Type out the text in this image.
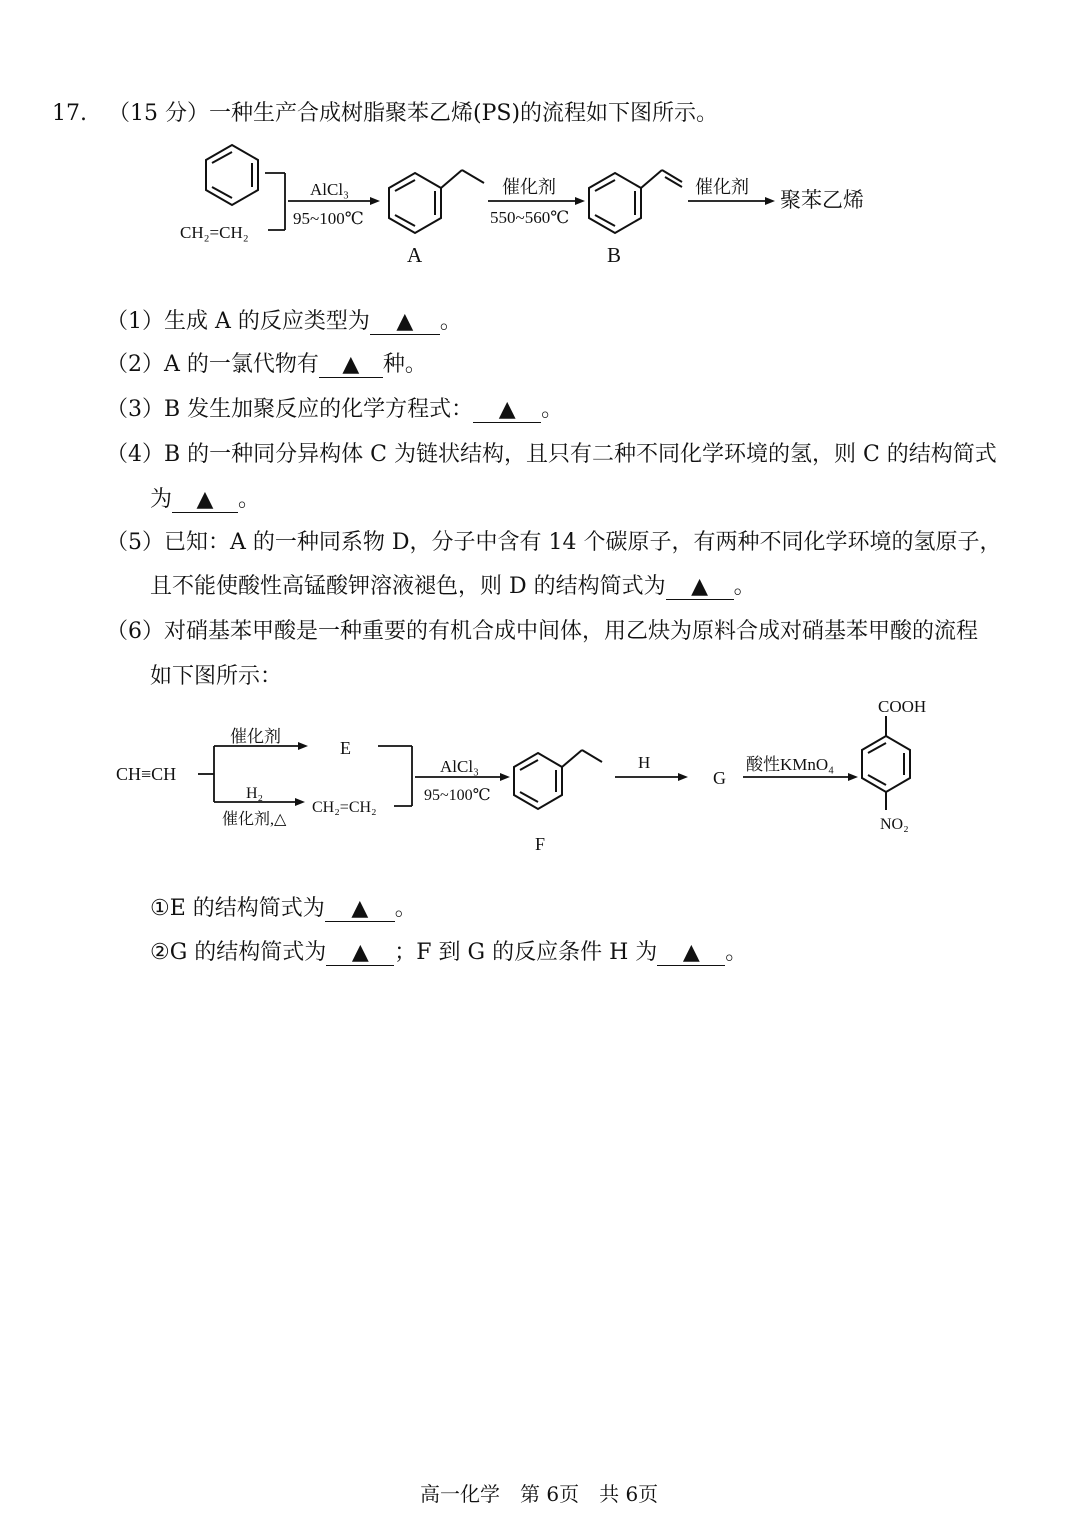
17. （15 分）一种生产合成树脂聚苯乙烯(PS)的流程如下图所示。
CH₂=CH₂
AlCl₃
95~100℃
A
催化剂
550~560℃
B
催化剂
聚苯乙烯
（1）生成 A 的反应类型为 ▲ 。
（2）A 的一氯代物有 ▲ 种。
（3）B 发生加聚反应的化学方程式： ▲ 。
（4）B 的一种同分异构体 C 为链状结构，且只有二种不同化学环境的氢，则 C 的结构简式
为 ▲ 。
（5）已知：A 的一种同系物 D，分子中含有 14 个碳原子，有两种不同化学环境的氢原子，
且不能使酸性高锰酸钾溶液褪色，则 D 的结构简式为 ▲ 。
（6）对硝基苯甲酸是一种重要的有机合成中间体，用乙炔为原料合成对硝基苯甲酸的流程
如下图所示：
CH≡CH
催化剂
E
H₂
催化剂,△
CH₂=CH₂
AlCl₃
95~100℃
F
H
G
酸性KMnO₄
COOH
NO₂
①E 的结构简式为 ▲ 。
②G 的结构简式为 ▲ ；F 到 G 的反应条件 H 为 ▲ 。
高一化学　第 6页　共 6页
